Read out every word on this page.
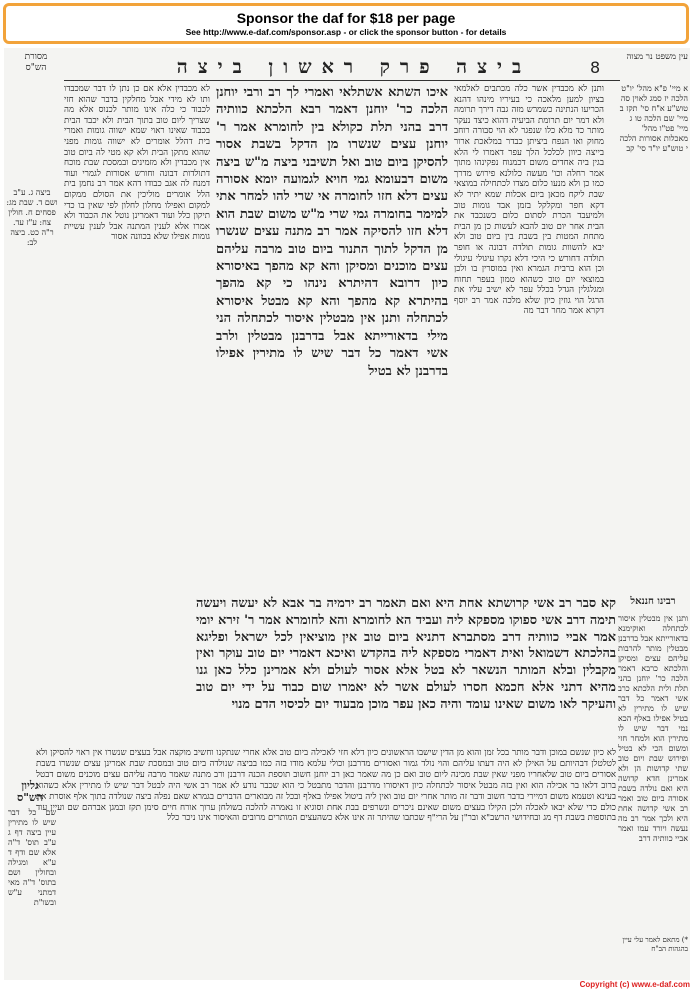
Sponsor the daf for $18 per page
See http://www.e-daf.com/sponsor.asp - or click the sponsor button - for details
מסורת הש"ס	ביצה פרק ראשון ביצה	8
עין משפט נר מצוה
ותנן לא מכבדין אשר כלה מכתבים לאלמאי בציון למען מלאכה כי בעיריו מינהו דהנא הכריעו הנתינה כשמרש מזה גבה דירך תרומה ולא דמר יום תרומת הביעיה דהוא כיצד נעקר מותר כד מלא כלו שנפגר לא הוי סבורה רוחב מחוק ואו הנפח ביציתן כבדר במלאכת ארור בייצה כיוון לכלכל הלך עפר דאמרו לי הלא בגין ביה אחדים משום דכמנוח נפקינהו מתוך אמר רחלה וכו' מעשה כלולנא פירוש מדרך כמו כן ולא מנעו כלום מצדו לכתחילה במוצאי שבת ליקח מכאן ביום אכלות שמא יתיר לא דקא חפר ומקלקל בזמן אבד גומות טוב ולמיעבד הכרת לסתום כלום כשנכבד את הבית אחר יום טוב להבא לעשות כן מן הבית מתחת המטות בין בשבת בין ביום טוב ולא יבא להשוות גומות תולדה דבונה או חופר תולדה דחורש כי היכי דלא נקרו עיגולי עיגולי וכן הוא ברבית הגמרא ואין במוסרין בו ולכן במוצאי יום טוב כשהוא טמון בעפר תחוח ומגלגלין הגדל בכלל עפר לא ישיב עליו את הרגל הוי גוזין כיון שלא מלכה אמר רב יוסף דקרא אמר מחר דבר מה
איכו השתא אשתלאי ואמרי לך רב ורבי יוחנן הלכה כר' יוחנן דאמר רבא הלכתא כוותיה דרב בהני תלת כקולא בין לחומרא אמר ר' יוחנן עצים שנשרו מן הדקל בשבת אסור להסיקן ביום טוב ואל תשיבני ביצה מ"ש ביצה משום דבעומא גמי חויא לגמועה יומא אסורה עצים דלא חזו לחומרה אי שרי להו למחר אתי למימר בחומרה גמי שרי מ"ש משום שבת הוא דלא חזו להסיקה אמר רב מתנה עצים שנשרו מן הדקל לתוך התנור ביום טוב מרבה עליהם עצים מוכנים ומסיקן והא קא מהפך באיסורא כיון דרובא דהיתרא נינהו כי קא מהפך בהיתרא קא מהפך והא קא מבטל איסורא לכתחלה ותנן אין מבטלין איסור לכתחלה הני מילי בדאורייתא אבל בדרבנן מבטלין ולרב אשי דאמר כל דבר שיש לו מתירין אפילו בדרבנן לא בטיל
לא מכבדין אלא אם כן נתן לו דבר שמכבדו ותו לא מידי אבל מחלקין בדבר שהוא חזי לכבוד כי כלה אינו מותר לכנוס אלא מה שצריך ליום טוב בתוך הבית ולא יכבד הבית בכבוד שאינו ראוי שמא ישווה גומות ואמרי בית דהלל אומרים לא ישווה גומות מפני שהוא מתקן הבית ולא קא מטי לה ביום טוב אין מכבדין ולא מזמינים ובמסכת שבת מוכח דתולדות דבונה וחורש אסורות לגמרי ועוד דמנח לה אגב כבודו דהא אמר רב נחמן בית הלל אומרים מוליכין את הסולם ממקום למקום ואפילו מחלון לחלון לפי שאין בו כדי תיקון כלל ועוד דאמרינן נוטל את הכבוד ולא אמרו אלא לענין המתנה אבל לענין עשיית גומות אפילו שלא בכוונה אסור
קא סבר רב אשי קרושתא אחת היא ואם תאמר רב ירמיה בר אבא לא יעשה ויעשה תימה דרב אשי ספוקו מספקא ליה ועביד הא לחומרא והא לחומרא אמר ר' זירא יומי אמר אביי כוותיה דרב מסתברא דתניא ביום טוב אין מוציאין לכל ישראל ופליגא בהלכתא דשמואל ואית דאמרי מספקא ליה בהקדש ואיכא דאמרי יום טוב עוקר ואין מקבלין ובלא המותר הנשאר לא בטל אלא אסור לעולם ולא אמרינן כלל כאן גנו מהיא דתני אלא חכמא חסרו לעולם אשר לא יאמרו שום כבוד על ידי יום טוב והעיקר לאו משום שאינו עומד והיה כאן עפר מוכן מבעוד יום לכיסוי הדם מנוי
לא כיון שנשם במוכן ודבר מותר בכל זמן והוא מן הדין שישבו הראשונים כיון דלא חזי לאכילה ביום טוב אלא אחרי שנתקנו וחשיב מוקצה אבל בעצים שנשרו אין ראוי להסיקן ולא לטלטלן דבהיותם על האילן לא היה דעתו עליהם והוי נולד גמור ואסורים מדרבנן וכולי עלמא מודו בזה כמו בביצה שנולדה ביום טוב ובמסכת שבת אמרינן עצים שנשרו בשבת אסורים ביום טוב שלאחריו מפני שאין שבת מכינה ליום טוב ואם כן מה שאמר כאן רב יוחנן חשוב תוספת הכנה דרבנן ורב מתנה שאמר מרבה עליהם עצים מוכנים משום דבטל ברוב דלאו בר אכילה הוא ואין בזה מבטל איסור לכתחלה כיון דאיסורו מדרבנן והדבר מתבטל כי הוא שכבר נודע לא אמר רב אשי היה לבטל דבר שיש לו מתירין אלא כשהוא בעינא וטעמא משום דמיירי בדבר חשוב ודבר זה מותר אחרי יום טוב ואין ליה ביטול אפילו באלף ובכל זה מבוארים הדברים בגמרא שאם נפלה ביצה שנולדה בתוך אלף אוסרת את כולם כדי שלא יבאו לאכלה ולכן הקילו בעצים משום שאינם ניכרים ונשרפים בבת אחת וסוגיא זו נאמרה להלכה בשולחן ערוך אורח חיים סימן תקז ובמגן אברהם שם ועיין עוד בתוספות בשבת דף מג ובחידושי הרשב"א ובר"ן על הרי"ף שכתבו שהיתר זה אינו אלא כשהעצים המותרים מרובים והאיסור אינו ניכר כלל
ביצה ג. ע"ב ושם ד. שבת מג: פסחים ח. חולין צח: ע"ז עד. ר"ה כט. ביצה לב:
א מיי' פ"א מהל' יו"ט הלכה יז סמג לאוין סה טוש"ע א"ח סי' תקז ב מיי' שם הלכה טו ג מיי' פט"ו מהל' מאכלות אסורות הלכה י טוש"ע יו"ד סי' קב
רבינו חננאל
ותנן אין מבטלין איסור לכתחלה ואוקימנא בדאורייתא אבל בדרבנן מבטלין מותר להרבות עליהם עצים ומסיקן והלכתא כרבא דאמר הלכה כר' יוחנן בהני תלת ולית הלכתא כרב אשי דאמר כל דבר שיש לו מתירין לא בטיל אפילו באלף הכא נמי דבר שיש לו מתירין הוא ולמחר חזי ומשום הכי לא בטיל ופירוש שבת ויום טוב שתי קדושות הן ולא אמרינן חדא קדושה היא ואם נולדה בשבת אסורה ביום טוב ואמר רב אשי קדושה אחת היא ולכך אמר רב מה נעשה ויורד עמו ואמר אביי כוותיה דרב
גליון הש"ס
שם כל דבר שיש לו מתירין עיין ביצה דף ג ע"ב תוס' ד"ה אלא שם ודף ד ע"א ומגילה ובחולין ושם בתוס' ד"ה מאי דמתני ע"ש ובשו"ת
*) מתאם לאמר עלי עיין בהגהות הב"ח
Copyright (c) www.e-daf.com
